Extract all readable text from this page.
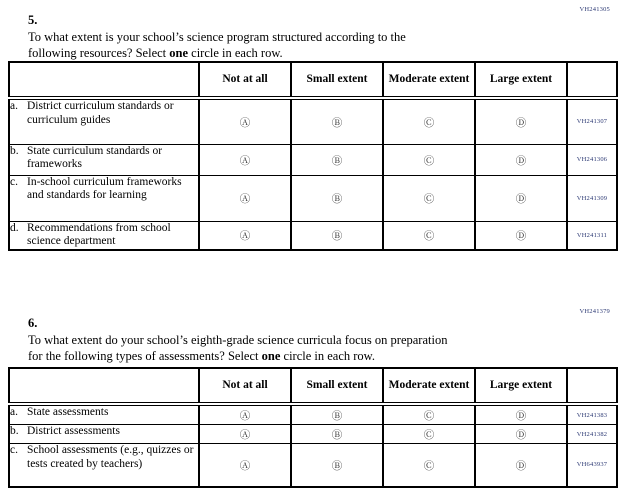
VH241305
5.
To what extent is your school’s science program structured according to the
following resources? Select one circle in each row.
	Not at all	Small extent	Moderate extent	Large extent	

a. District curriculum standards or curriculum guides	Ⓐ	Ⓑ	Ⓒ	Ⓓ	VH241307

b. State curriculum standards or frameworks	Ⓐ	Ⓑ	Ⓒ	Ⓓ	VH241306

c. In-school curriculum frameworks and standards for learning	Ⓐ	Ⓑ	Ⓒ	Ⓓ	VH241309

d. Recommendations from school science department	Ⓐ	Ⓑ	Ⓒ	Ⓓ	VH241311
VH241379
6.
To what extent do your school’s eighth-grade science curricula focus on preparation
for the following types of assessments? Select one circle in each row.
	Not at all	Small extent	Moderate extent	Large extent	

a. State assessments	Ⓐ	Ⓑ	Ⓒ	Ⓓ	VH241383

b. District assessments	Ⓐ	Ⓑ	Ⓒ	Ⓓ	VH241382

c. School assessments (e.g., quizzes or tests created by teachers)	Ⓐ	Ⓑ	Ⓒ	Ⓓ	VH643937
